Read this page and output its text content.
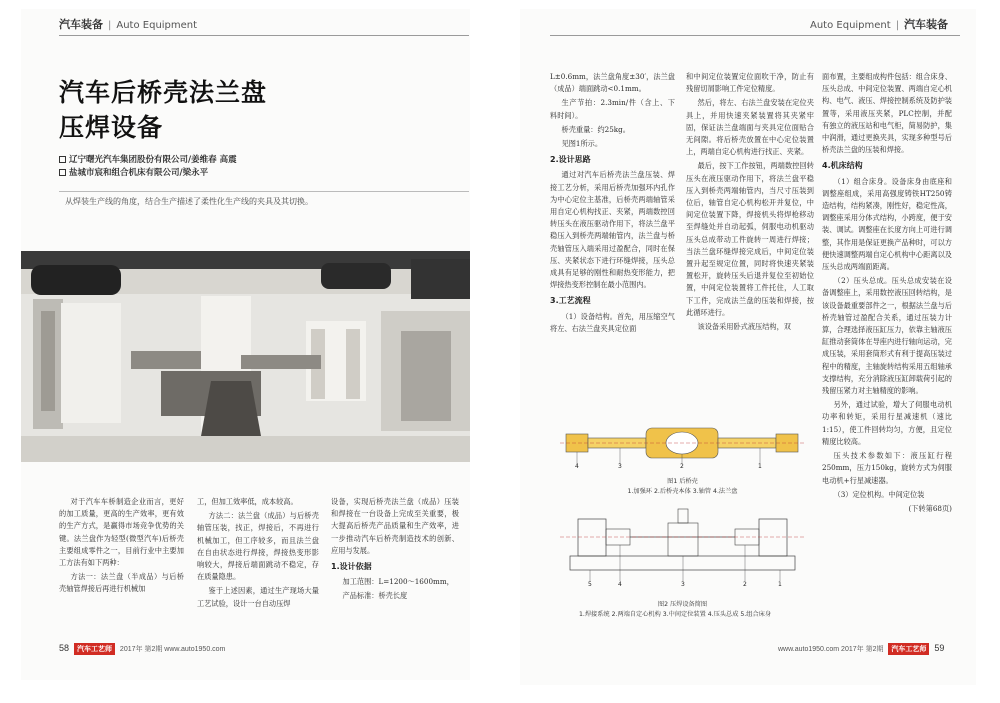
汽车装备 | Auto Equipment
汽车后桥壳法兰盘
压焊设备
辽宁曙光汽车集团股份有限公司/姜维春 高震
盐城市宸和组合机床有限公司/梁永平
从焊装生产线的角度，结合生产描述了柔性化生产线的夹具及其切换。

对于汽车车桥制造企业而言，更好的加工质量，更高的生产效率，更有效的生产方式，是赢得市场竞争优势的关键。法兰盘作为轻型(微型汽车)后桥壳主要组成零件之一，目前行业中主要加工方法有如下两种：

方法一：法兰盘（半成品）与后桥壳轴管焊接后再进行机械加

工，但加工效率低，成本较高。

方法二：法兰盘（成品）与后桥壳轴管压装，找正，焊接后，不再进行机械加工，但工序较多，而且法兰盘在自由状态进行焊接，焊接热变形影响较大，焊接后端面跳动不稳定，存在质量隐患。

鉴于上述因素，通过生产现场大量工艺试验，设计一台自动压焊

设备，实现后桥壳法兰盘（成品）压装和焊接在一台设备上完成至关重要，极大提高后桥壳产品质量和生产效率，进一步推动汽车后桥壳制造技术的创新、应用与发展。

1.设计依据

加工范围：L=1200～1600mm，

产品标准：桥壳长度

58 汽车工艺师 2017年 第2期 www.auto1950.com
Auto Equipment | 汽车装备

L±0.6mm，法兰盘角度±30′，法兰盘（成品）端面跳动<0.1mm。

生产节拍：2.3min/件（含上、下料时间）。

桥壳重量：约25kg。

见图1所示。

2.设计思路

通过对汽车后桥壳法兰盘压装、焊接工艺分析，采用后桥壳加强环内孔作为中心定位主基准，后桥壳两端轴管采用自定心机构找正、夹紧，两端数控回转压头在液压驱动作用下，将法兰盘平稳压入到桥壳两端轴管内，法兰盘与桥壳轴管压入端采用过盈配合，同时在保压、夹紧状态下进行环缝焊接，压头总成具有足够的刚性和耐热变形能力，把焊接热变形控制在最小范围内。

3.工艺流程

（1）设备结构。首先，用压缩空气将左、右法兰盘夹具定位面

和中间定位装置定位面吹干净，防止有残留切屑影响工件定位精度。

然后，将左、右法兰盘安装在定位夹具上，并用快速夹紧装置将其夹紧牢固，保证法兰盘端面与夹具定位面贴合无间隙。将后桥壳放置在中心定位装置上，两端自定心机构进行找正、夹紧。

最后，按下工作按钮，两端数控回转压头在液压驱动作用下，将法兰盘平稳压入到桥壳两端轴管内，当尺寸压装到位后，轴管自定心机构松开并复位，中间定位装置下降，焊接机头将焊枪移动至焊缝处并自动起弧，伺服电动机驱动压头总成带动工件旋转一周进行焊接；当法兰盘环缝焊接完成后，中间定位装置升起至规定位置，同时将快速夹紧装置松开，旋转压头后退并复位至初始位置，中间定位装置将工件托住，人工取下工件，完成法兰盘的压装和焊接，按此循环进行。

该设备采用卧式液压结构，双

面布置，主要组成构件包括：组合床身、压头总成、中间定位装置、两端自定心机构、电气、液压、焊接控制系统及防护装置等，采用液压夹紧，PLC控制，并配有独立的液压站和电气柜，简易防护，集中润滑，通过更换夹具，实现多种型号后桥壳法兰盘的压装和焊接。

4.机床结构

（1）组合床身。设备床身由底座和调整座组成，采用高强度铸铁HT250铸造结构，结构紧凑，刚性好，稳定性高，调整座采用分体式结构，小跨度，便于安装、调试。调整座在长度方向上可进行调整，其作用是保证更换产品种时，可以方便快速调整两端自定心机构中心距离以及压头总成两端面距离。

（2）压头总成。压头总成安装在设备调整座上，采用数控液压回转结构，是该设备最重要部件之一，根据法兰盘与后桥壳轴管过盈配合关系，通过压装力计算，合理选择液压缸压力，依靠主轴液压缸推动套筒体在导座内进行轴向运动，完成压装，采用套筒形式有利于提高压装过程中的精度，主轴旋转结构采用五组轴承支撑结构，充分消除液压缸卸载荷引起的残留压紧力对主轴精度的影响。

另外，通过试验，增大了伺服电动机功率和转矩，采用行星减速机（速比1:15），使工件回转均匀，方便，且定位精度比较高。

压头技术参数如下：液压缸行程250mm，压力150kg，旋转方式为伺服电动机+行星减速器。

（3）定位机构。中间定位装

(下转第68页)

4	3	2	1
图1 后桥壳
1.加强环 2.后桥壳本体 3.轴管 4.法兰盘
5	4	3	2	1
图2 压焊设备简图
1.焊接系统 2.两端自定心机构 3.中间定位装置 4.压头总成 5.组合床身
www.auto1950.com 2017年 第2期 汽车工艺师 59
